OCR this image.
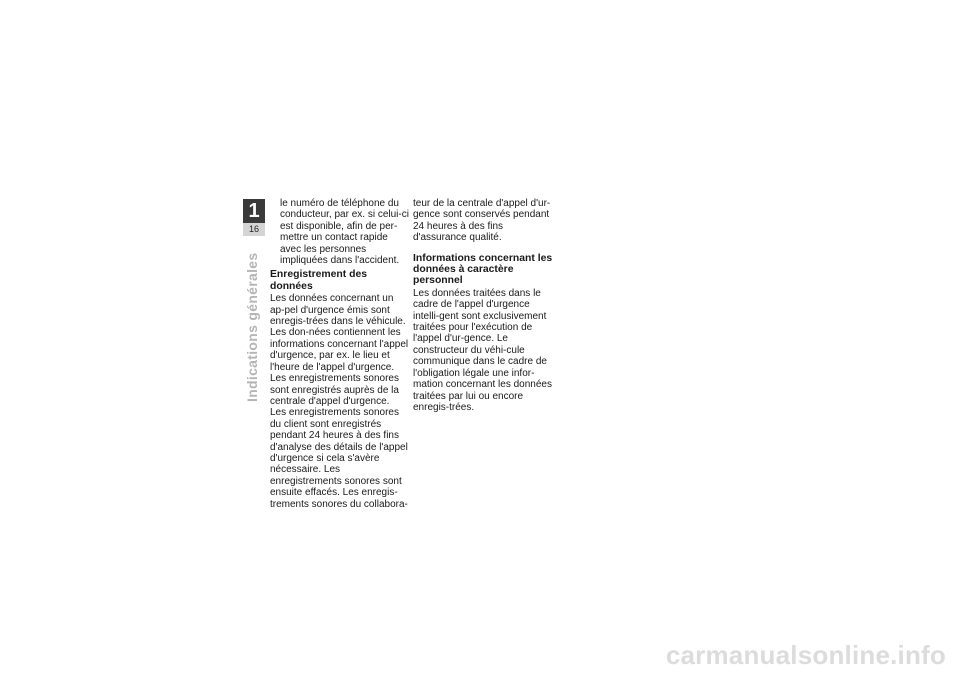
1
16
Indications générales

le numéro de téléphone du conducteur, par ex. si celui-ci est disponible, afin de per-mettre un contact rapide avec les personnes impliquées dans l'accident.

Enregistrement des données

Les données concernant un ap-pel d'urgence émis sont enregis-trées dans le véhicule. Les don-nées contiennent les informations concernant l'appel d'urgence, par ex. le lieu et l'heure de l'appel d'urgence.

Les enregistrements sonores sont enregistrés auprès de la centrale d'appel d'urgence.

Les enregistrements sonores du client sont enregistrés pendant 24 heures à des fins d'analyse des détails de l'appel d'urgence si cela s'avère nécessaire. Les enregistrements sonores sont ensuite effacés. Les enregis-trements sonores du collabora-

teur de la centrale d'appel d'ur-gence sont conservés pendant 24 heures à des fins d'assurance qualité.

Informations concernant les données à caractère personnel

Les données traitées dans le cadre de l'appel d'urgence intelli-gent sont exclusivement traitées pour l'exécution de l'appel d'ur-gence. Le constructeur du véhi-cule communique dans le cadre de l'obligation légale une infor-mation concernant les données traitées par lui ou encore enregis-trées.

carmanualsonline.info
